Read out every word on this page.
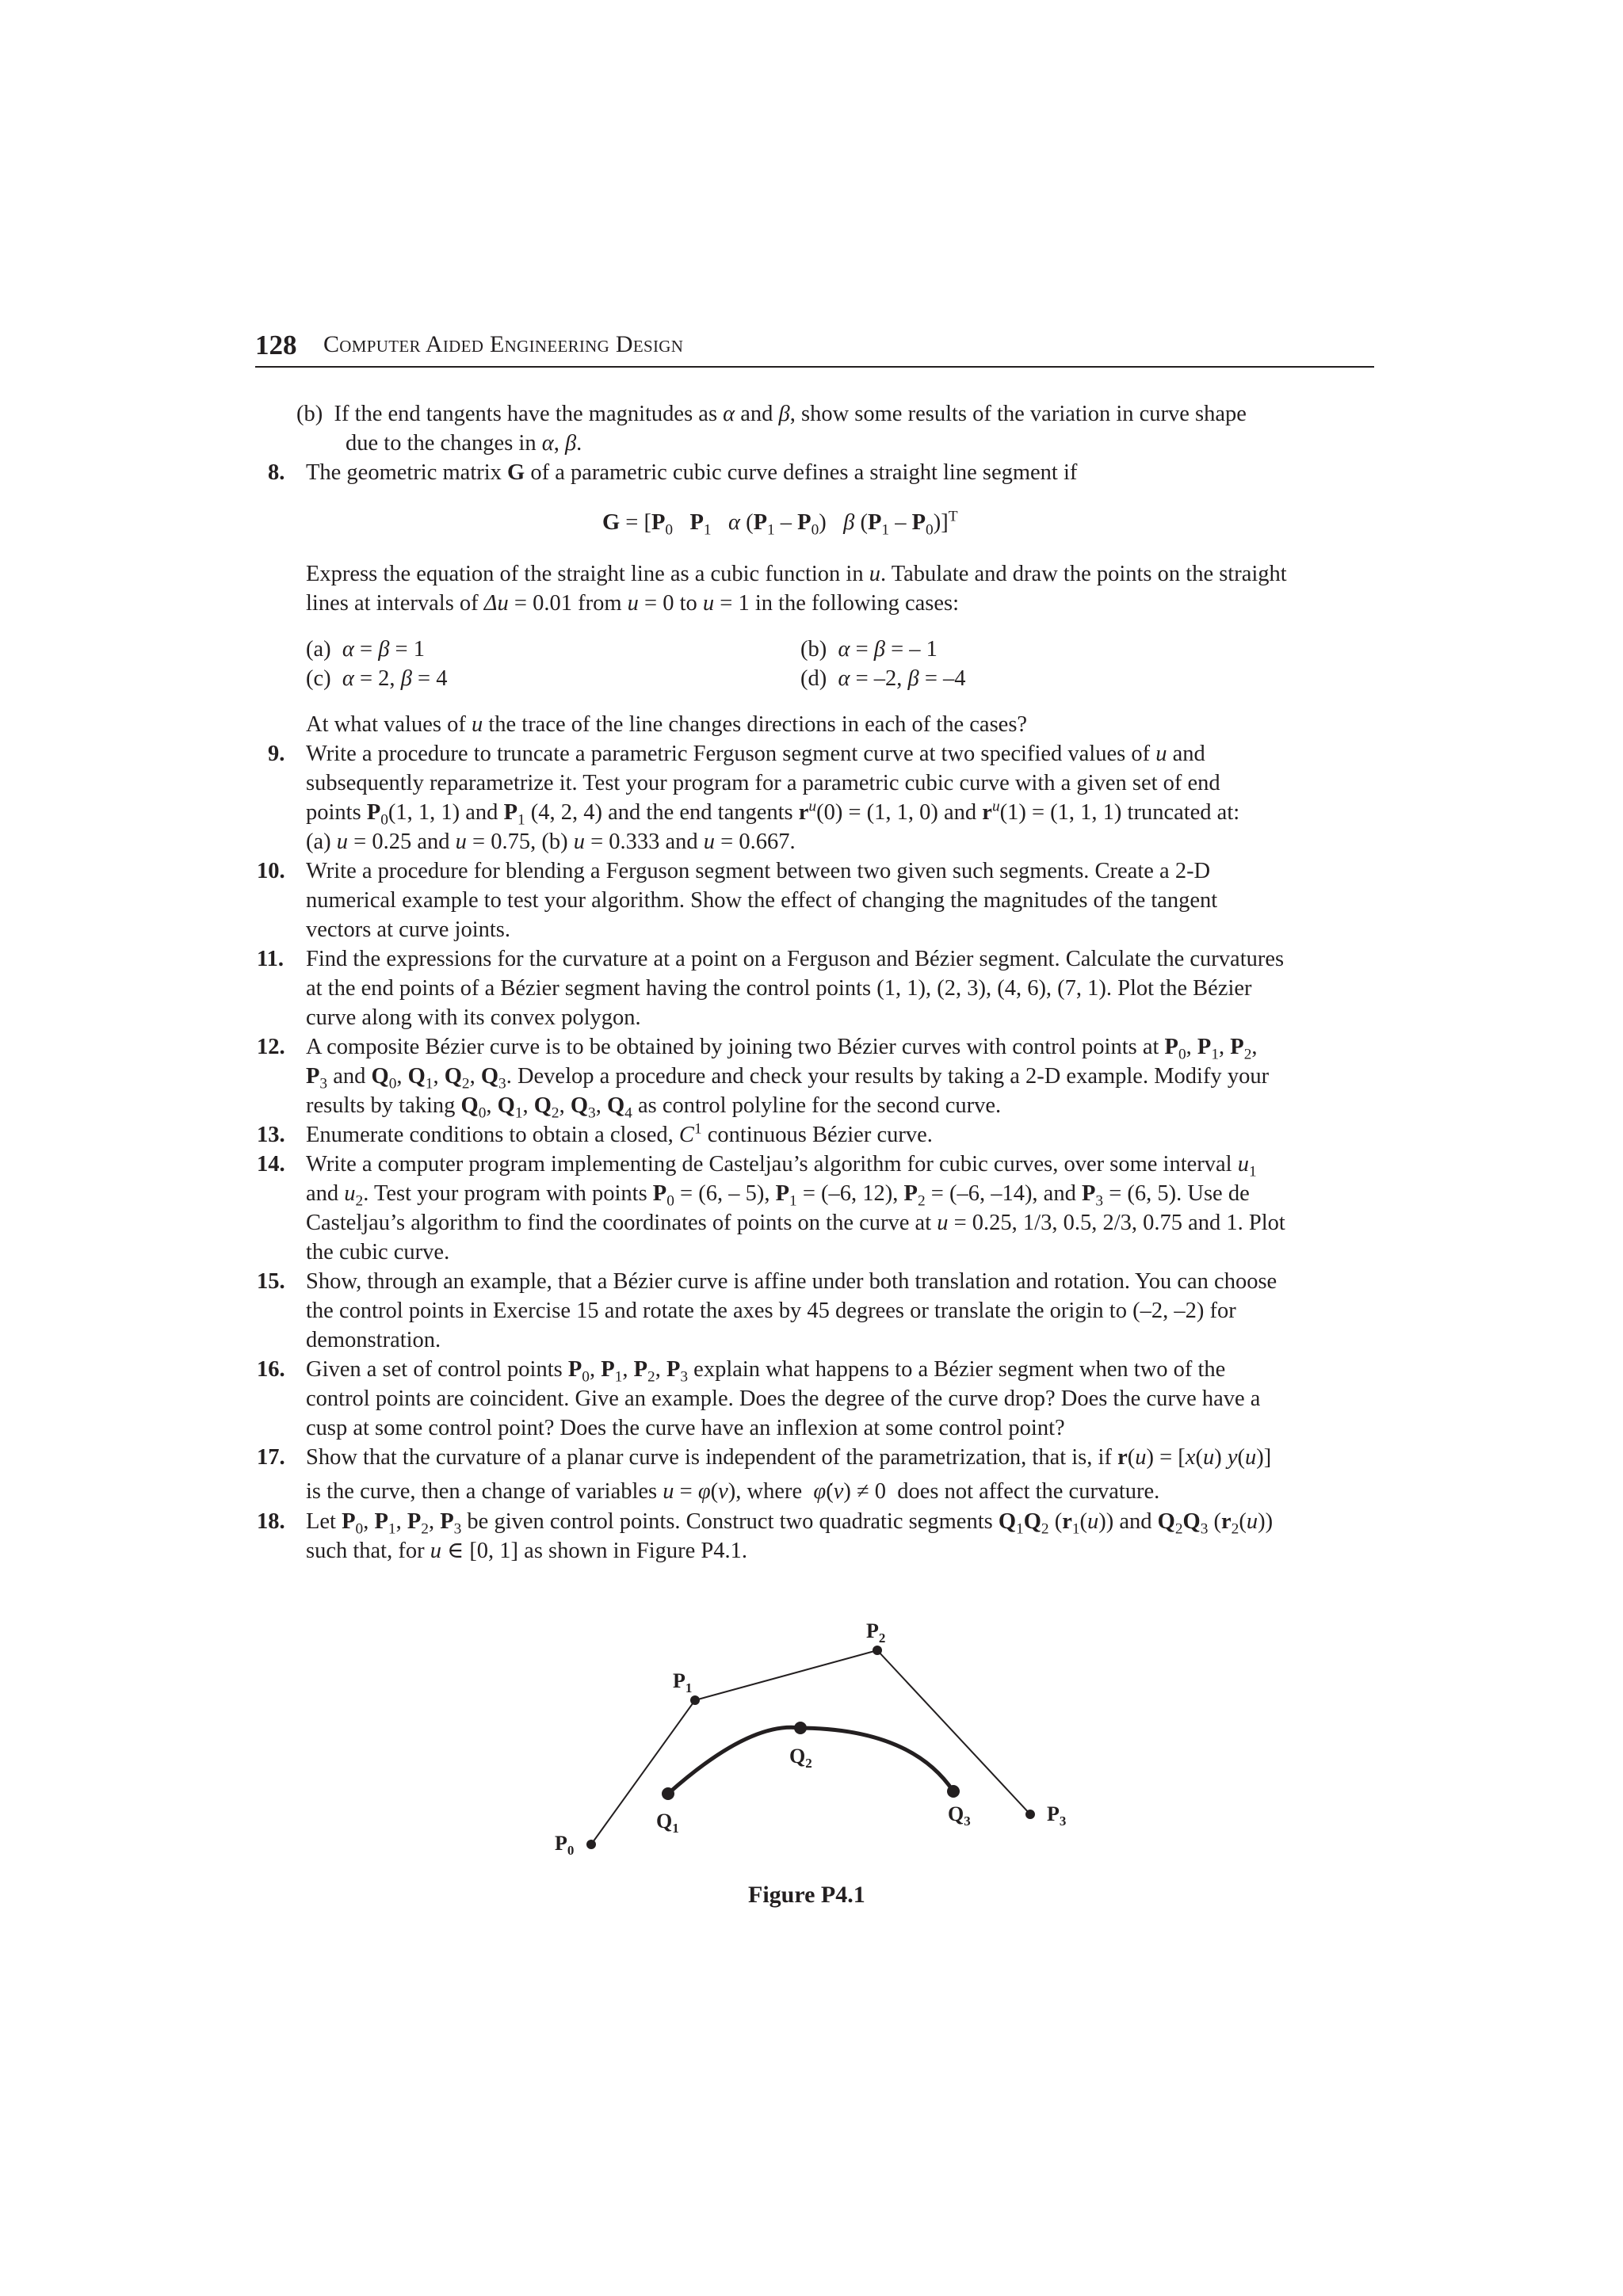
128 Computer Aided Engineering Design
(b)  If the end tangents have the magnitudes as α and β, show some results of the variation in curve shape
due to the changes in α, β.
8. The geometric matrix G of a parametric cubic curve defines a straight line segment if
$G = [P_0$ $P_1$ α $(P_1 - P_0)$   β $(P_1 - P_0)]^T$
Express the equation of the straight line as a cubic function in u. Tabulate and draw the points on the straight
lines at intervals of Δu = 0.01 from u = 0 to u = 1 in the following cases:
(a)  α = β = 1	(b)  α = β = – 1
(c)  α = 2, β = 4	(d)  α = –2, β = –4
At what values of u the trace of the line changes directions in each of the cases?
9. Write a procedure to truncate a parametric Ferguson segment curve at two specified values of u and
subsequently reparametrize it. Test your program for a parametric cubic curve with a given set of end
points $P_0(1$, 1, 1) and $P_1$ (4, 2, 4) and the end tangents $r^u(0) = (1$, 1, 0) and $r^u(1) = (1$, 1, 1) truncated at:
(a) u = 0.25 and u = 0.75, (b) u = 0.333 and u = 0.667.
10. Write a procedure for blending a Ferguson segment between two given such segments. Create a 2-D
numerical example to test your algorithm. Show the effect of changing the magnitudes of the tangent
vectors at curve joints.
11. Find the expressions for the curvature at a point on a Ferguson and Bézier segment. Calculate the curvatures
at the end points of a Bézier segment having the control points (1, 1), (2, 3), (4, 6), (7, 1). Plot the Bézier
curve along with its convex polygon.
12. A composite Bézier curve is to be obtained by joining two Bézier curves with control points at $P_0$, $P_1$, $P_2$,
$P_3$ and $Q_0$, $Q_1$, $Q_2$, $Q_3$. Develop a procedure and check your results by taking a 2-D example. Modify your
results by taking $Q_0$, $Q_1$, $Q_2$, $Q_3$, $Q_4$ as control polyline for the second curve.
13. Enumerate conditions to obtain a closed, $C^1$ continuous Bézier curve.
14. Write a computer program implementing de Casteljau’s algorithm for cubic curves, over some interval $u_1$
and $u_2$. Test your program with points $P_0 = (6$, – 5), $P_1 = (-6$, 12), $P_2 = (-6$, –14), and $P_3 = (6$, 5). Use de
Casteljau’s algorithm to find the coordinates of points on the curve at u = 0.25, 1/3, 0.5, 2/3, 0.75 and 1. Plot
the cubic curve.
15. Show, through an example, that a Bézier curve is affine under both translation and rotation. You can choose
the control points in Exercise 15 and rotate the axes by 45 degrees or translate the origin to (–2, –2) for
demonstration.
16. Given a set of control points $P_0$, $P_1$, $P_2$, $P_3$ explain what happens to a Bézier segment when two of the
control points are coincident. Give an example. Does the degree of the curve drop? Does the curve have a
cusp at some control point? Does the curve have an inflexion at some control point?
17. Show that the curvature of a planar curve is independent of the parametrization, that is, if r(u) = [x(u) y(u)]
is the curve, then a change of variables u = φ(v), where  φ̇(v) ≠ 0  does not affect the curvature.
18. Let $P_0$, $P_1$, $P_2$, $P_3$ be given control points. Construct two quadratic segments $Q_1Q_2$ $(r_1(u))$ and $Q_2Q_3$ $(r_2(u))$
such that, for u ∈ [0, 1] as shown in Figure P4.1.
$P_0$
$P_1$
$P_2$
$P_3$
$Q_1$
$Q_2$
$Q_3$
Figure P4.1
